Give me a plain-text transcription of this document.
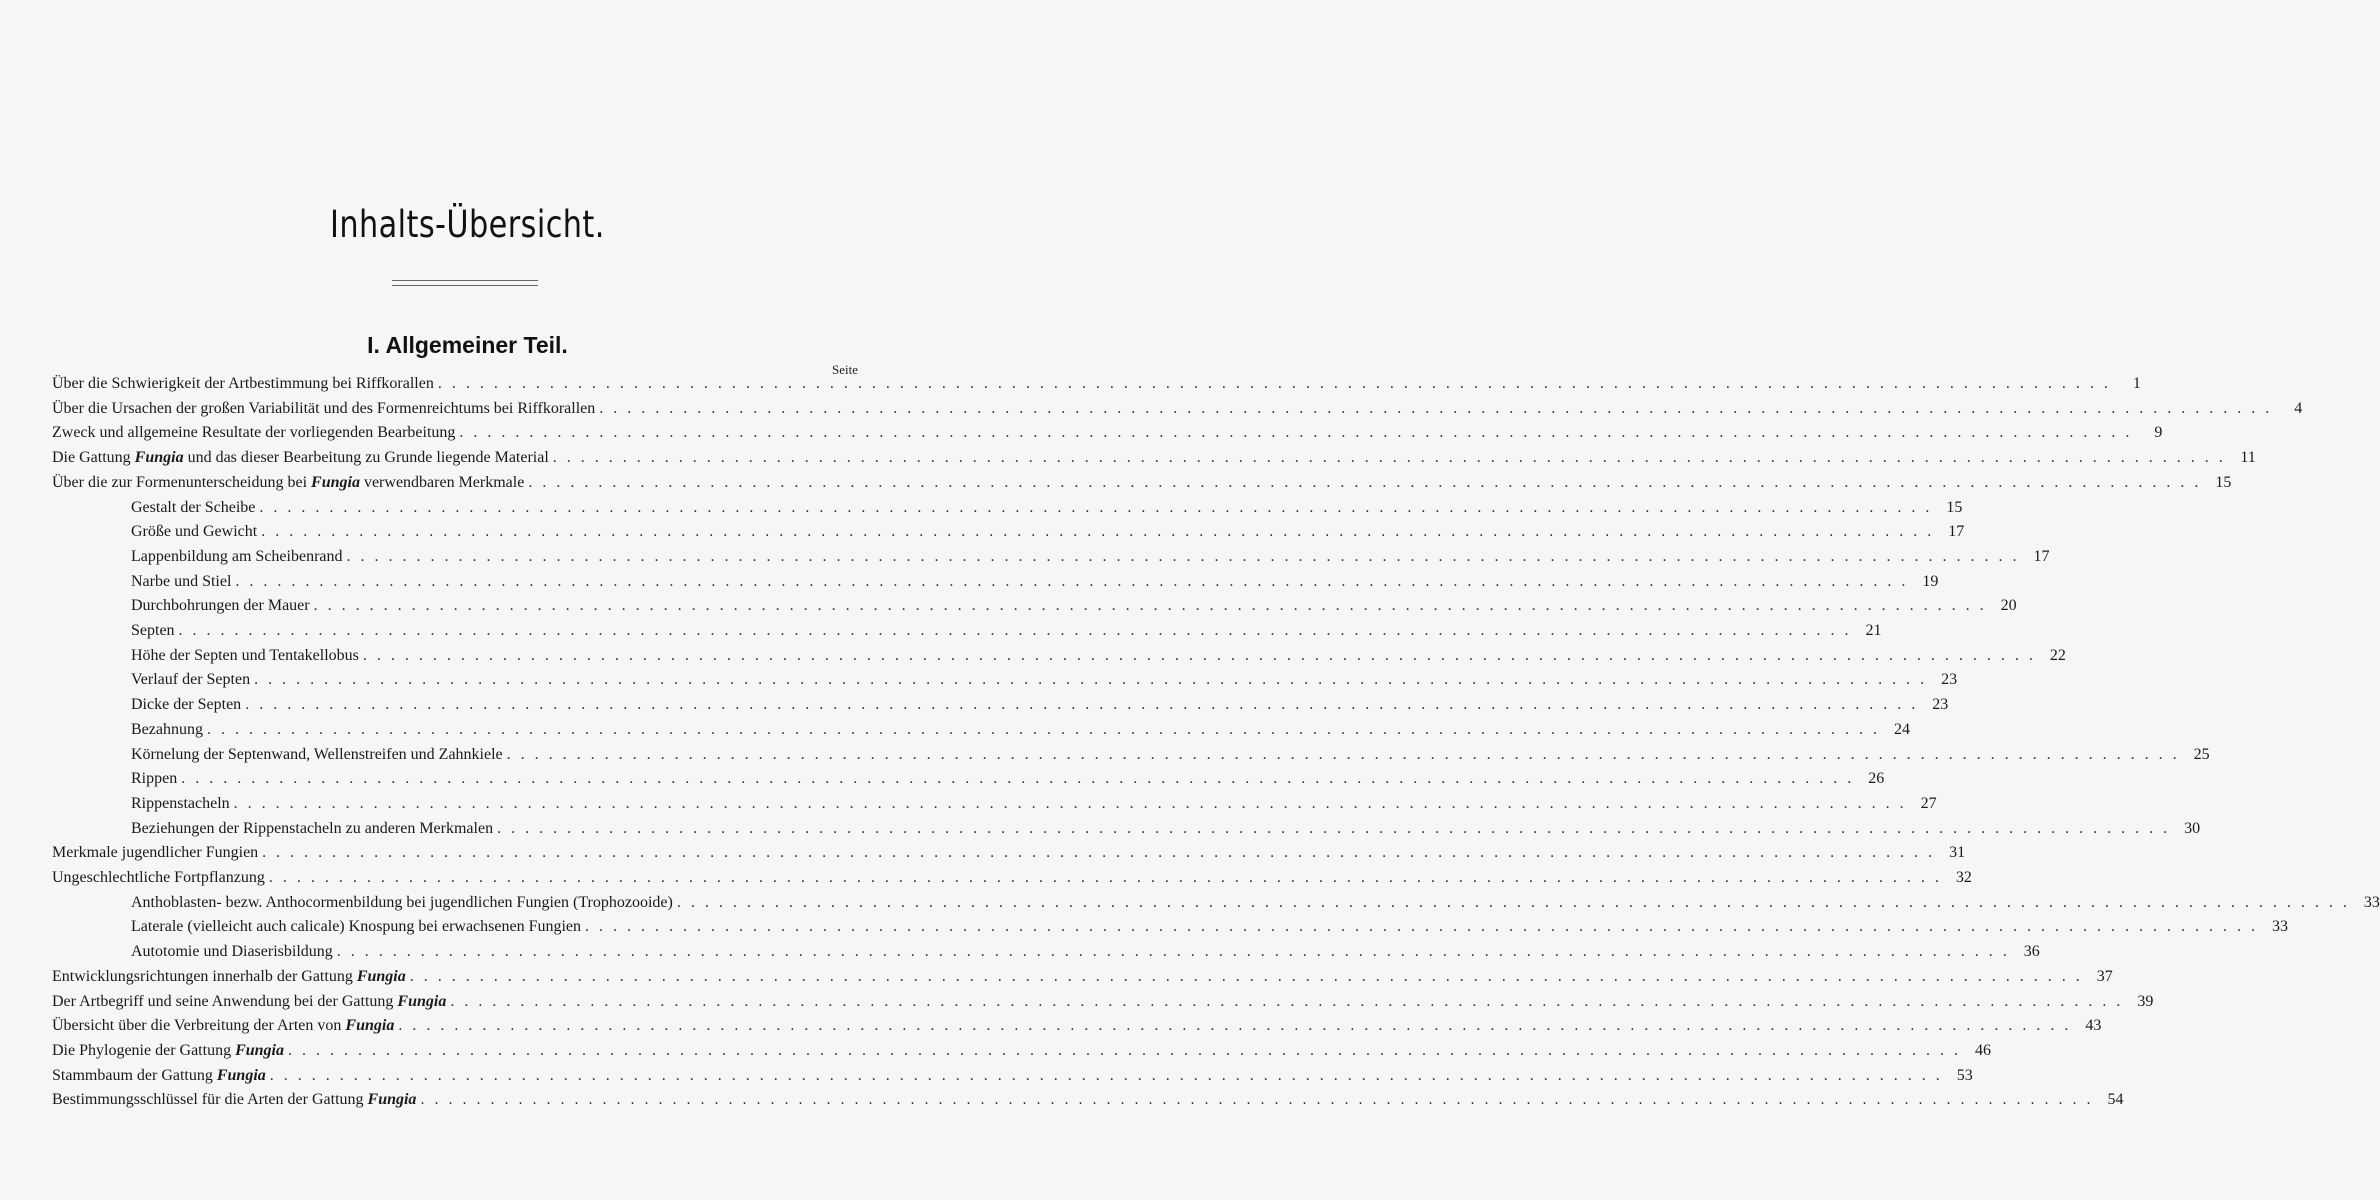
Inhalts-Übersicht.
I. Allgemeiner Teil.
Seite
Über die Schwierigkeit der Artbestimmung bei Riffkorallen . . . . . . . . . . . . . . . . . . . . . . . . . . . . . . . . . . . . . . . . . . . . . . . . . . . . . . . . . . . . . . . . . . . . . . . . . . . . . . . . . . . . . . . . . . . . . . . . . . . . . . . . . . . . . . . . . . . . . . . .	1
Über die Ursachen der großen Variabilität und des Formenreichtums bei Riffkorallen . . . . . . . . . . . . . . . . . . . . . . . . . . . . . . . . . . . . . . . . . . . . . . . . . . . . . . . . . . . . . . . . . . . . . . . . . . . . . . . . . . . . . . . . . . . . . . . . . . . . . . . . . . . . . . . . . . . . . . . .	4
Zweck und allgemeine Resultate der vorliegenden Bearbeitung . . . . . . . . . . . . . . . . . . . . . . . . . . . . . . . . . . . . . . . . . . . . . . . . . . . . . . . . . . . . . . . . . . . . . . . . . . . . . . . . . . . . . . . . . . . . . . . . . . . . . . . . . . . . . . . . . . . . . . . .	9
Die Gattung Fungia und das dieser Bearbeitung zu Grunde liegende Material . . . . . . . . . . . . . . . . . . . . . . . . . . . . . . . . . . . . . . . . . . . . . . . . . . . . . . . . . . . . . . . . . . . . . . . . . . . . . . . . . . . . . . . . . . . . . . . . . . . . . . . . . . . . . . . . . . . . . . . . 11
Über die zur Formenunterscheidung bei Fungia verwendbaren Merkmale . . . . . . . . . . . . . . . . . . . . . . . . . . . . . . . . . . . . . . . . . . . . . . . . . . . . . . . . . . . . . . . . . . . . . . . . . . . . . . . . . . . . . . . . . . . . . . . . . . . . . . . . . . . . . . . . . . . . . . . . 15
Gestalt der Scheibe . . . . . . . . . . . . . . . . . . . . . . . . . . . . . . . . . . . . . . . . . . . . . . . . . . . . . . . . . . . . . . . . . . . . . . . . . . . . . . . . . . . . . . . . . . . . . . . . . . . . . . . . . . . . . . . . . . . . . . . . 15
Größe und Gewicht . . . . . . . . . . . . . . . . . . . . . . . . . . . . . . . . . . . . . . . . . . . . . . . . . . . . . . . . . . . . . . . . . . . . . . . . . . . . . . . . . . . . . . . . . . . . . . . . . . . . . . . . . . . . . . . . . . . . . . . . 17
Lappenbildung am Scheibenrand . . . . . . . . . . . . . . . . . . . . . . . . . . . . . . . . . . . . . . . . . . . . . . . . . . . . . . . . . . . . . . . . . . . . . . . . . . . . . . . . . . . . . . . . . . . . . . . . . . . . . . . . . . . . . . . . . . . . . . . . 17
Narbe und Stiel . . . . . . . . . . . . . . . . . . . . . . . . . . . . . . . . . . . . . . . . . . . . . . . . . . . . . . . . . . . . . . . . . . . . . . . . . . . . . . . . . . . . . . . . . . . . . . . . . . . . . . . . . . . . . . . . . . . . . . . . 19
Durchbohrungen der Mauer . . . . . . . . . . . . . . . . . . . . . . . . . . . . . . . . . . . . . . . . . . . . . . . . . . . . . . . . . . . . . . . . . . . . . . . . . . . . . . . . . . . . . . . . . . . . . . . . . . . . . . . . . . . . . . . . . . . . . . . . 20
Septen . . . . . . . . . . . . . . . . . . . . . . . . . . . . . . . . . . . . . . . . . . . . . . . . . . . . . . . . . . . . . . . . . . . . . . . . . . . . . . . . . . . . . . . . . . . . . . . . . . . . . . . . . . . . . . . . . . . . . . . . 21
Höhe der Septen und Tentakellobus . . . . . . . . . . . . . . . . . . . . . . . . . . . . . . . . . . . . . . . . . . . . . . . . . . . . . . . . . . . . . . . . . . . . . . . . . . . . . . . . . . . . . . . . . . . . . . . . . . . . . . . . . . . . . . . . . . . . . . . . 22
Verlauf der Septen . . . . . . . . . . . . . . . . . . . . . . . . . . . . . . . . . . . . . . . . . . . . . . . . . . . . . . . . . . . . . . . . . . . . . . . . . . . . . . . . . . . . . . . . . . . . . . . . . . . . . . . . . . . . . . . . . . . . . . . . 23
Dicke der Septen . . . . . . . . . . . . . . . . . . . . . . . . . . . . . . . . . . . . . . . . . . . . . . . . . . . . . . . . . . . . . . . . . . . . . . . . . . . . . . . . . . . . . . . . . . . . . . . . . . . . . . . . . . . . . . . . . . . . . . . . 23
Bezahnung . . . . . . . . . . . . . . . . . . . . . . . . . . . . . . . . . . . . . . . . . . . . . . . . . . . . . . . . . . . . . . . . . . . . . . . . . . . . . . . . . . . . . . . . . . . . . . . . . . . . . . . . . . . . . . . . . . . . . . . . 24
Körnelung der Septenwand, Wellenstreifen und Zahnkiele . . . . . . . . . . . . . . . . . . . . . . . . . . . . . . . . . . . . . . . . . . . . . . . . . . . . . . . . . . . . . . . . . . . . . . . . . . . . . . . . . . . . . . . . . . . . . . . . . . . . . . . . . . . . . . . . . . . . . . . . 25
Rippen . . . . . . . . . . . . . . . . . . . . . . . . . . . . . . . . . . . . . . . . . . . . . . . . . . . . . . . . . . . . . . . . . . . . . . . . . . . . . . . . . . . . . . . . . . . . . . . . . . . . . . . . . . . . . . . . . . . . . . . . 26
Rippenstacheln . . . . . . . . . . . . . . . . . . . . . . . . . . . . . . . . . . . . . . . . . . . . . . . . . . . . . . . . . . . . . . . . . . . . . . . . . . . . . . . . . . . . . . . . . . . . . . . . . . . . . . . . . . . . . . . . . . . . . . . . 27
Beziehungen der Rippenstacheln zu anderen Merkmalen . . . . . . . . . . . . . . . . . . . . . . . . . . . . . . . . . . . . . . . . . . . . . . . . . . . . . . . . . . . . . . . . . . . . . . . . . . . . . . . . . . . . . . . . . . . . . . . . . . . . . . . . . . . . . . . . . . . . . . . . 30
Merkmale jugendlicher Fungien . . . . . . . . . . . . . . . . . . . . . . . . . . . . . . . . . . . . . . . . . . . . . . . . . . . . . . . . . . . . . . . . . . . . . . . . . . . . . . . . . . . . . . . . . . . . . . . . . . . . . . . . . . . . . . . . . . . . . . . . 31
Ungeschlechtliche Fortpflanzung . . . . . . . . . . . . . . . . . . . . . . . . . . . . . . . . . . . . . . . . . . . . . . . . . . . . . . . . . . . . . . . . . . . . . . . . . . . . . . . . . . . . . . . . . . . . . . . . . . . . . . . . . . . . . . . . . . . . . . . . 32
Anthoblasten- bezw. Anthocormenbildung bei jugendlichen Fungien (Trophozooide) . . . . . . . . . . . . . . . . . . . . . . . . . . . . . . . . . . . . . . . . . . . . . . . . . . . . . . . . . . . . . . . . . . . . . . . . . . . . . . . . . . . . . . . . . . . . . . . . . . . . . . . . . . . . . . . . . . . . . . . . 33
Laterale (vielleicht auch calicale) Knospung bei erwachsenen Fungien . . . . . . . . . . . . . . . . . . . . . . . . . . . . . . . . . . . . . . . . . . . . . . . . . . . . . . . . . . . . . . . . . . . . . . . . . . . . . . . . . . . . . . . . . . . . . . . . . . . . . . . . . . . . . . . . . . . . . . . . 33
Autotomie und Diaserisbildung . . . . . . . . . . . . . . . . . . . . . . . . . . . . . . . . . . . . . . . . . . . . . . . . . . . . . . . . . . . . . . . . . . . . . . . . . . . . . . . . . . . . . . . . . . . . . . . . . . . . . . . . . . . . . . . . . . . . . . . . 36
Entwicklungsrichtungen innerhalb der Gattung Fungia . . . . . . . . . . . . . . . . . . . . . . . . . . . . . . . . . . . . . . . . . . . . . . . . . . . . . . . . . . . . . . . . . . . . . . . . . . . . . . . . . . . . . . . . . . . . . . . . . . . . . . . . . . . . . . . . . . . . . . . . 37
Der Artbegriff und seine Anwendung bei der Gattung Fungia . . . . . . . . . . . . . . . . . . . . . . . . . . . . . . . . . . . . . . . . . . . . . . . . . . . . . . . . . . . . . . . . . . . . . . . . . . . . . . . . . . . . . . . . . . . . . . . . . . . . . . . . . . . . . . . . . . . . . . . . 39
Übersicht über die Verbreitung der Arten von Fungia . . . . . . . . . . . . . . . . . . . . . . . . . . . . . . . . . . . . . . . . . . . . . . . . . . . . . . . . . . . . . . . . . . . . . . . . . . . . . . . . . . . . . . . . . . . . . . . . . . . . . . . . . . . . . . . . . . . . . . . . 43
Die Phylogenie der Gattung Fungia . . . . . . . . . . . . . . . . . . . . . . . . . . . . . . . . . . . . . . . . . . . . . . . . . . . . . . . . . . . . . . . . . . . . . . . . . . . . . . . . . . . . . . . . . . . . . . . . . . . . . . . . . . . . . . . . . . . . . . . . 46
Stammbaum der Gattung Fungia . . . . . . . . . . . . . . . . . . . . . . . . . . . . . . . . . . . . . . . . . . . . . . . . . . . . . . . . . . . . . . . . . . . . . . . . . . . . . . . . . . . . . . . . . . . . . . . . . . . . . . . . . . . . . . . . . . . . . . . . 53
Bestimmungsschlüssel für die Arten der Gattung Fungia . . . . . . . . . . . . . . . . . . . . . . . . . . . . . . . . . . . . . . . . . . . . . . . . . . . . . . . . . . . . . . . . . . . . . . . . . . . . . . . . . . . . . . . . . . . . . . . . . . . . . . . . . . . . . . . . . . . . . . . . 54
